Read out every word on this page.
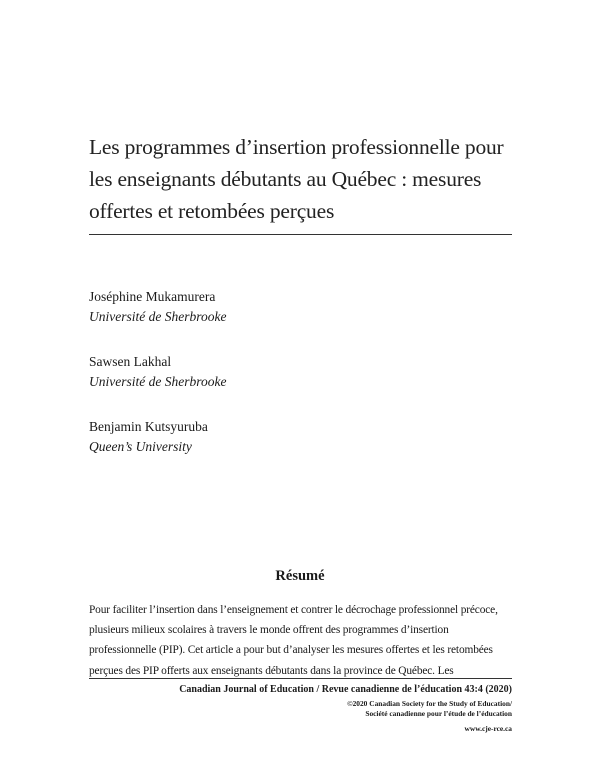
Les programmes d’insertion professionnelle pour les enseignants débutants au Québec : mesures offertes et retombées perçues
Joséphine Mukamurera
Université de Sherbrooke
Sawsen Lakhal
Université de Sherbrooke
Benjamin Kutsyuruba
Queen’s University
Résumé

Pour faciliter l’insertion dans l’enseignement et contrer le décrochage professionnel précoce, plusieurs milieux scolaires à travers le monde offrent des programmes d’insertion professionnelle (PIP). Cet article a pour but d’analyser les mesures offertes et les retombées perçues des PIP offerts aux enseignants débutants dans la province de Québec. Les

Canadian Journal of Education / Revue canadienne de l’éducation 43:4 (2020)
©2020 Canadian Society for the Study of Education/
Société canadienne pour l’étude de l’éducation
www.cje-rce.ca
